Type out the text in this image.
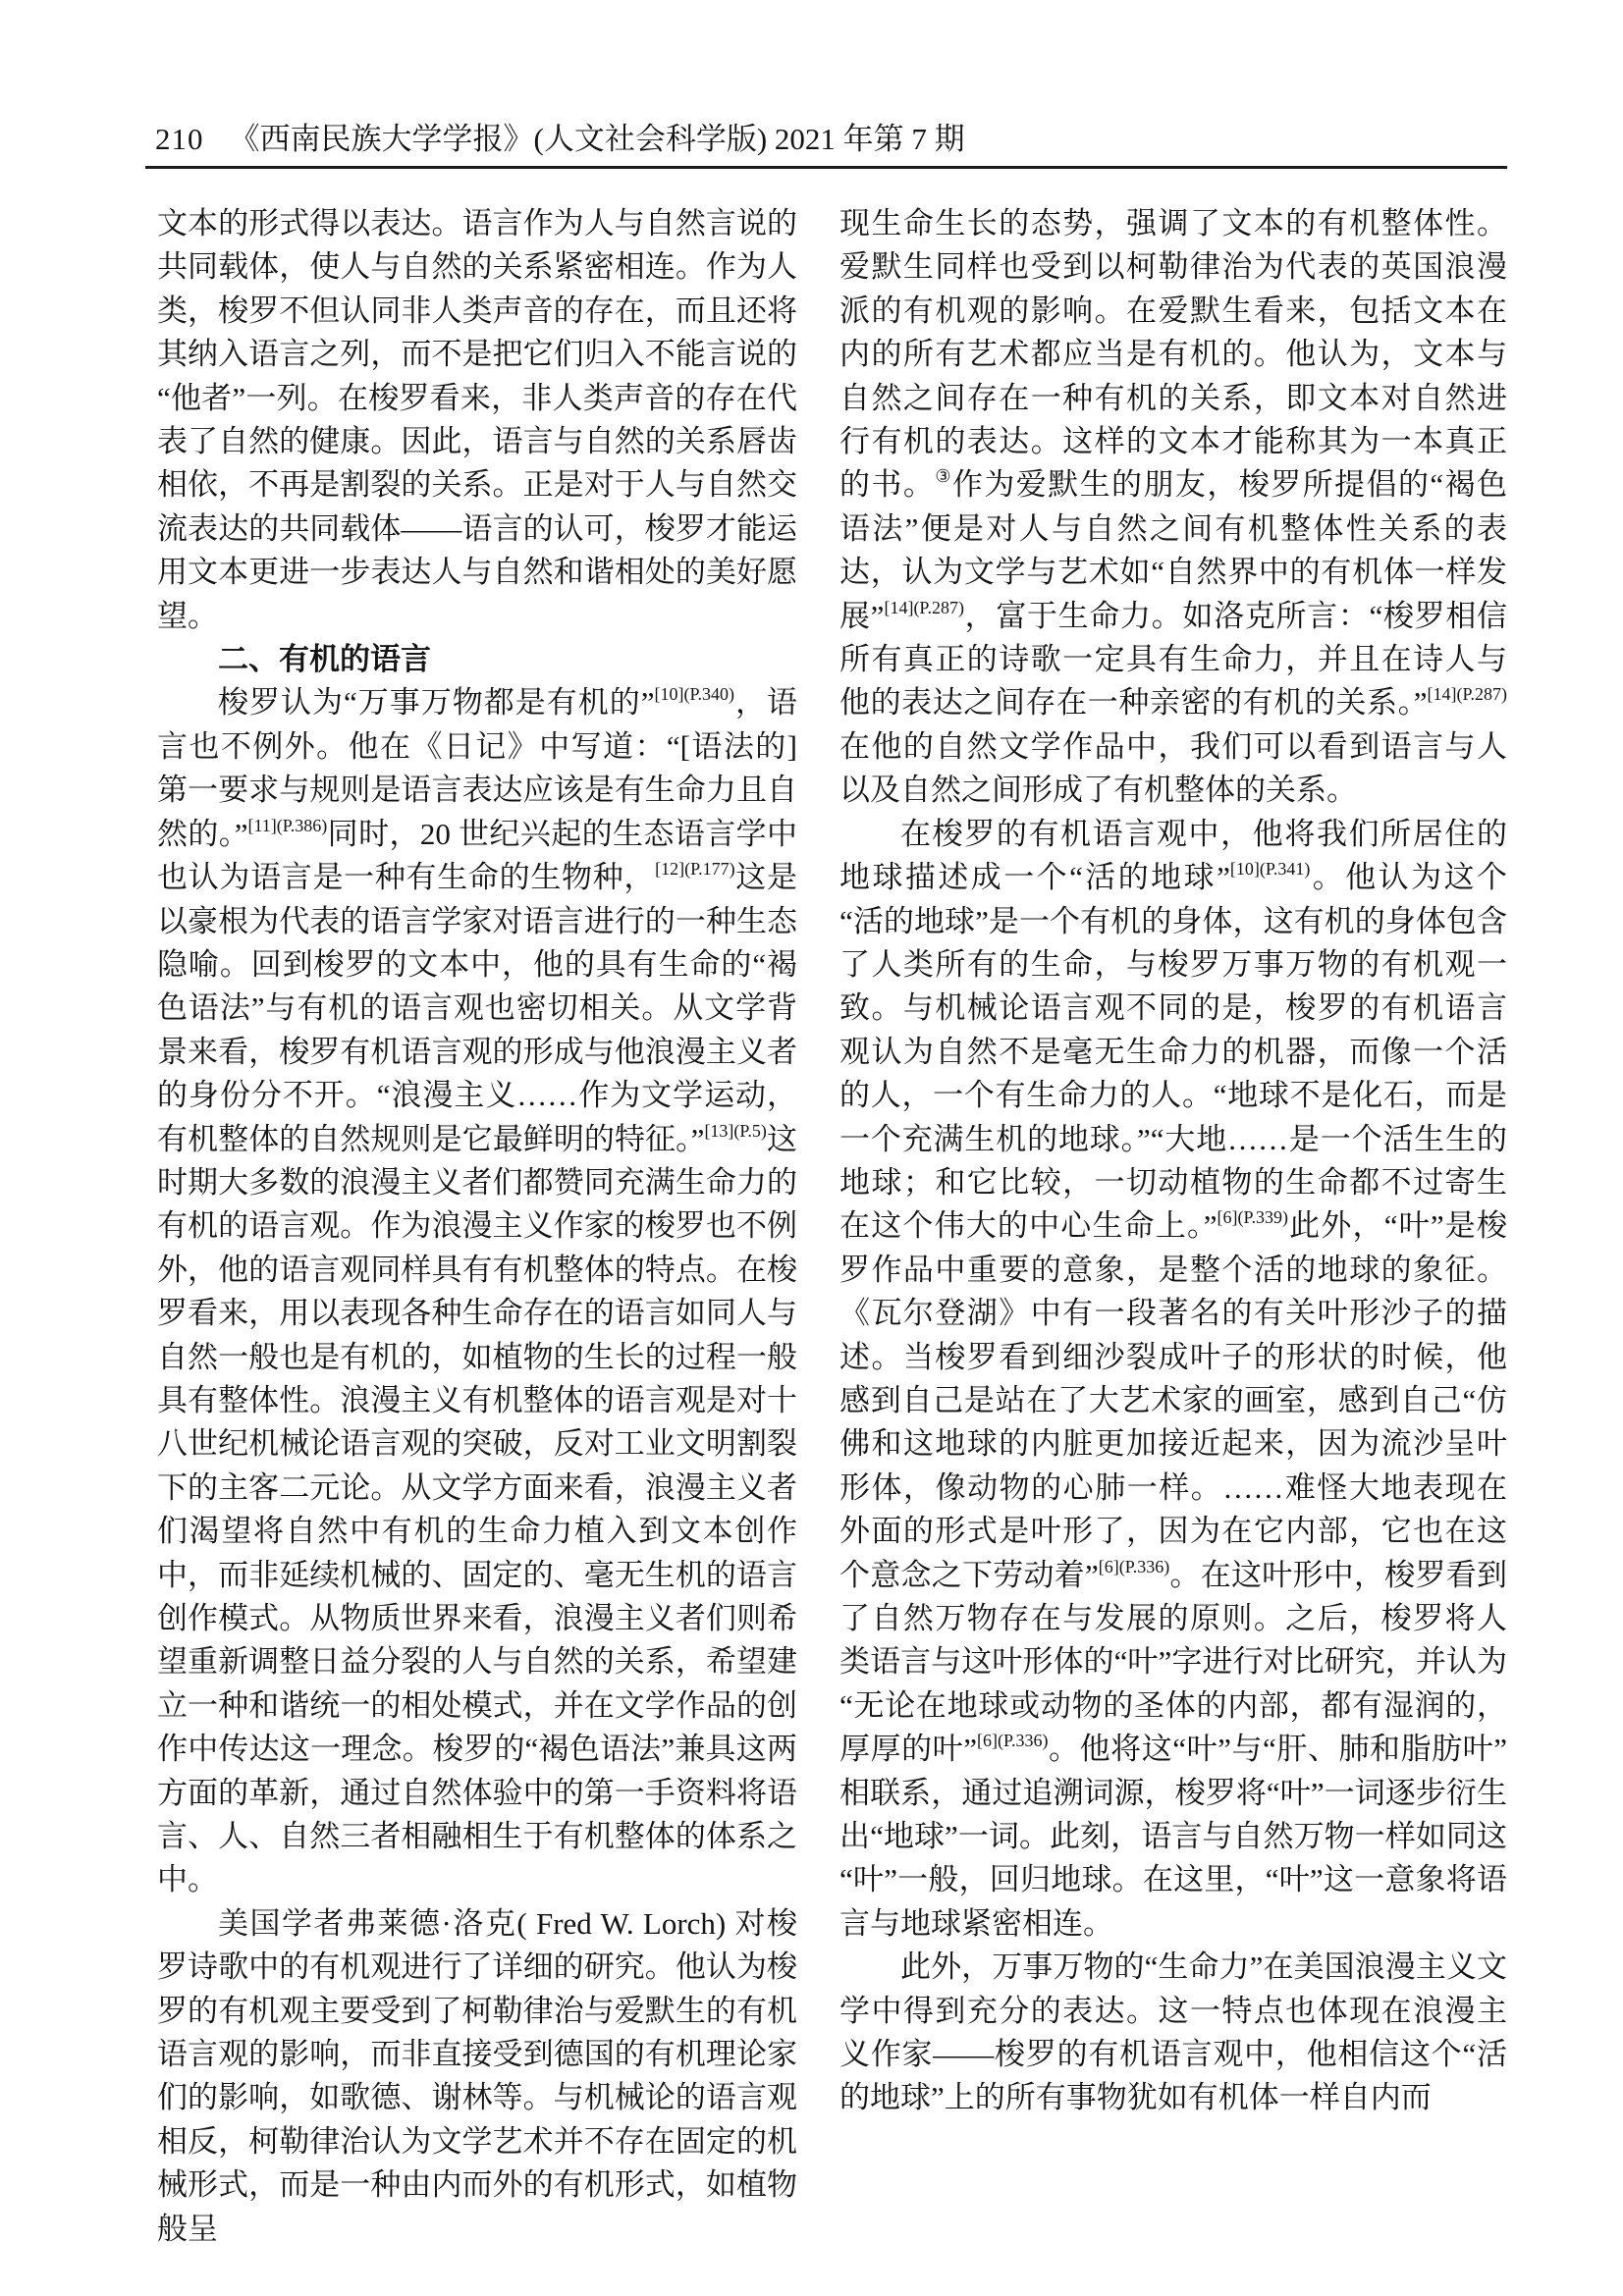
210 《西南民族大学学报》(人文社会科学版) 2021 年第 7 期

文本的形式得以表达。语言作为人与自然言说的共同载体，使人与自然的关系紧密相连。作为人类，梭罗不但认同非人类声音的存在，而且还将其纳入语言之列，而不是把它们归入不能言说的“他者”一列。在梭罗看来，非人类声音的存在代表了自然的健康。因此，语言与自然的关系唇齿相依，不再是割裂的关系。正是对于人与自然交流表达的共同载体——语言的认可，梭罗才能运用文本更进一步表达人与自然和谐相处的美好愿望。

二、有机的语言

梭罗认为“万事万物都是有机的”$^{[10](P.340)}$，语言也不例外。他在《日记》中写道：“[语法的]第一要求与规则是语言表达应该是有生命力且自然的。”$^{[11](P.386)}$同时，20 世纪兴起的生态语言学中也认为语言是一种有生命的生物种，$^{[12](P.177)}$这是以豪根为代表的语言学家对语言进行的一种生态隐喻。回到梭罗的文本中，他的具有生命的“褐色语法”与有机的语言观也密切相关。从文学背景来看，梭罗有机语言观的形成与他浪漫主义者的身份分不开。“浪漫主义……作为文学运动，有机整体的自然规则是它最鲜明的特征。”$^{[13](P.5)}$这时期大多数的浪漫主义者们都赞同充满生命力的有机的语言观。作为浪漫主义作家的梭罗也不例外，他的语言观同样具有有机整体的特点。在梭罗看来，用以表现各种生命存在的语言如同人与自然一般也是有机的，如植物的生长的过程一般具有整体性。浪漫主义有机整体的语言观是对十八世纪机械论语言观的突破，反对工业文明割裂下的主客二元论。从文学方面来看，浪漫主义者们渴望将自然中有机的生命力植入到文本创作中，而非延续机械的、固定的、毫无生机的语言创作模式。从物质世界来看，浪漫主义者们则希望重新调整日益分裂的人与自然的关系，希望建立一种和谐统一的相处模式，并在文学作品的创作中传达这一理念。梭罗的“褐色语法”兼具这两方面的革新，通过自然体验中的第一手资料将语言、人、自然三者相融相生于有机整体的体系之中。

美国学者弗莱德·洛克( Fred W. Lorch) 对梭罗诗歌中的有机观进行了详细的研究。他认为梭罗的有机观主要受到了柯勒律治与爱默生的有机语言观的影响，而非直接受到德国的有机理论家们的影响，如歌德、谢林等。与机械论的语言观相反，柯勒律治认为文学艺术并不存在固定的机械形式，而是一种由内而外的有机形式，如植物般呈

现生命生长的态势，强调了文本的有机整体性。爱默生同样也受到以柯勒律治为代表的英国浪漫派的有机观的影响。在爱默生看来，包括文本在内的所有艺术都应当是有机的。他认为，文本与自然之间存在一种有机的关系，即文本对自然进行有机的表达。这样的文本才能称其为一本真正的书。③作为爱默生的朋友，梭罗所提倡的“褐色语法”便是对人与自然之间有机整体性关系的表达，认为文学与艺术如“自然界中的有机体一样发展”$^{[14](P.287)}$，富于生命力。如洛克所言：“梭罗相信所有真正的诗歌一定具有生命力，并且在诗人与他的表达之间存在一种亲密的有机的关系。”$^{[14](P.287)}$在他的自然文学作品中，我们可以看到语言与人以及自然之间形成了有机整体的关系。

在梭罗的有机语言观中，他将我们所居住的地球描述成一个“活的地球”$^{[10](P.341)}$。他认为这个“活的地球”是一个有机的身体，这有机的身体包含了人类所有的生命，与梭罗万事万物的有机观一致。与机械论语言观不同的是，梭罗的有机语言观认为自然不是毫无生命力的机器，而像一个活的人，一个有生命力的人。“地球不是化石，而是一个充满生机的地球。”“大地……是一个活生生的地球；和它比较，一切动植物的生命都不过寄生在这个伟大的中心生命上。”$^{[6](P.339)}$此外，“叶”是梭罗作品中重要的意象，是整个活的地球的象征。《瓦尔登湖》中有一段著名的有关叶形沙子的描述。当梭罗看到细沙裂成叶子的形状的时候，他感到自己是站在了大艺术家的画室，感到自己“仿佛和这地球的内脏更加接近起来，因为流沙呈叶形体，像动物的心肺一样。……难怪大地表现在外面的形式是叶形了，因为在它内部，它也在这个意念之下劳动着”$^{[6](P.336)}$。在这叶形中，梭罗看到了自然万物存在与发展的原则。之后，梭罗将人类语言与这叶形体的“叶”字进行对比研究，并认为“无论在地球或动物的圣体的内部，都有湿润的，厚厚的叶”$^{[6](P.336)}$。他将这“叶”与“肝、肺和脂肪叶”相联系，通过追溯词源，梭罗将“叶”一词逐步衍生出“地球”一词。此刻，语言与自然万物一样如同这“叶”一般，回归地球。在这里，“叶”这一意象将语言与地球紧密相连。

此外，万事万物的“生命力”在美国浪漫主义文学中得到充分的表达。这一特点也体现在浪漫主义作家——梭罗的有机语言观中，他相信这个“活的地球”上的所有事物犹如有机体一样自内而
